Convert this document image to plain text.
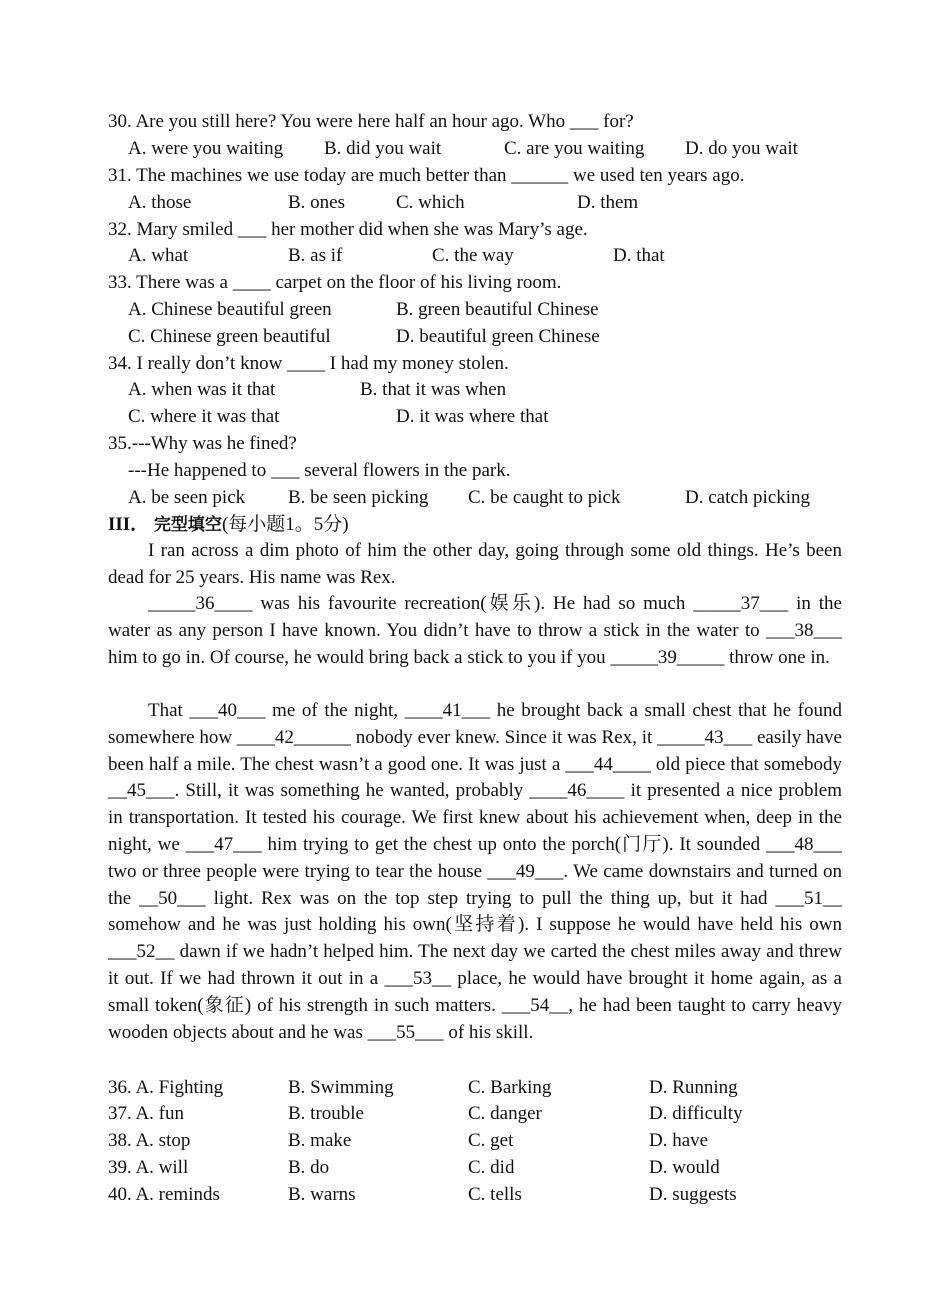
30. Are you still here? You were here half an hour ago. Who ___ for?
A. were you waiting B. did you wait	C. are you waiting D. do you wait
31. The machines we use today are much better than ______ we used ten years ago.
A. those	B. ones	C. which	D. them
32. Mary smiled ___ her mother did when she was Mary’s age.
A. what	B. as if	C. the way	D. that
33. There was a ____ carpet on the floor of his living room.
A. Chinese beautiful green	B. green beautiful Chinese
C. Chinese green beautiful	D. beautiful green Chinese
34. I really don’t know ____ I had my money stolen.
A. when was it that	B. that it was when
C. where it was that	D. it was where that
35.---Why was he fined?
---He happened to ___ several flowers in the park.
A. be seen pick B. be seen picking C. be caught to pick	D. catch picking
III． 完型填空(每小题1。5分)

I ran across a dim photo of him the other day, going through some old things. He’s been dead for 25 years. His name was Rex.

_____36____ was his favourite recreation(娱乐). He had so much _____37___ in the water as any person I have known. You didn’t have to throw a stick in the water to ___38___ him to go in. Of course, he would bring back a stick to you if you _____39_____ throw one in.

That ___40___ me of the night, ____41___ he brought back a small chest that he found somewhere how ____42______ nobody ever knew. Since it was Rex, it _____43___ easily have been half a mile. The chest wasn’t a good one. It was just a ___44____ old piece that somebody __45___. Still, it was something he wanted, probably ____46____ it presented a nice problem in transportation. It tested his courage. We first knew about his achievement when, deep in the night, we ___47___ him trying to get the chest up onto the porch(门厅). It sounded ___48___ two or three people were trying to tear the house ___49___. We came downstairs and turned on the __50___ light. Rex was on the top step trying to pull the thing up, but it had ___51__ somehow and he was just holding his own(坚持着). I suppose he would have held his own ___52__ dawn if we hadn’t helped him. The next day we carted the chest miles away and threw it out. If we had thrown it out in a ___53__ place, he would have brought it home again, as a small token(象征) of his strength in such matters. ___54__, he had been taught to carry heavy wooden objects about and he was ___55___ of his skill.

36. A. Fighting	B. Swimming	C. Barking	D. Running
37. A. fun	B. trouble	C. danger	D. difficulty
38. A. stop	B. make	C. get	D. have
39. A. will	B. do	C. did	D. would
40. A. reminds	B. warns	C. tells	D. suggests
